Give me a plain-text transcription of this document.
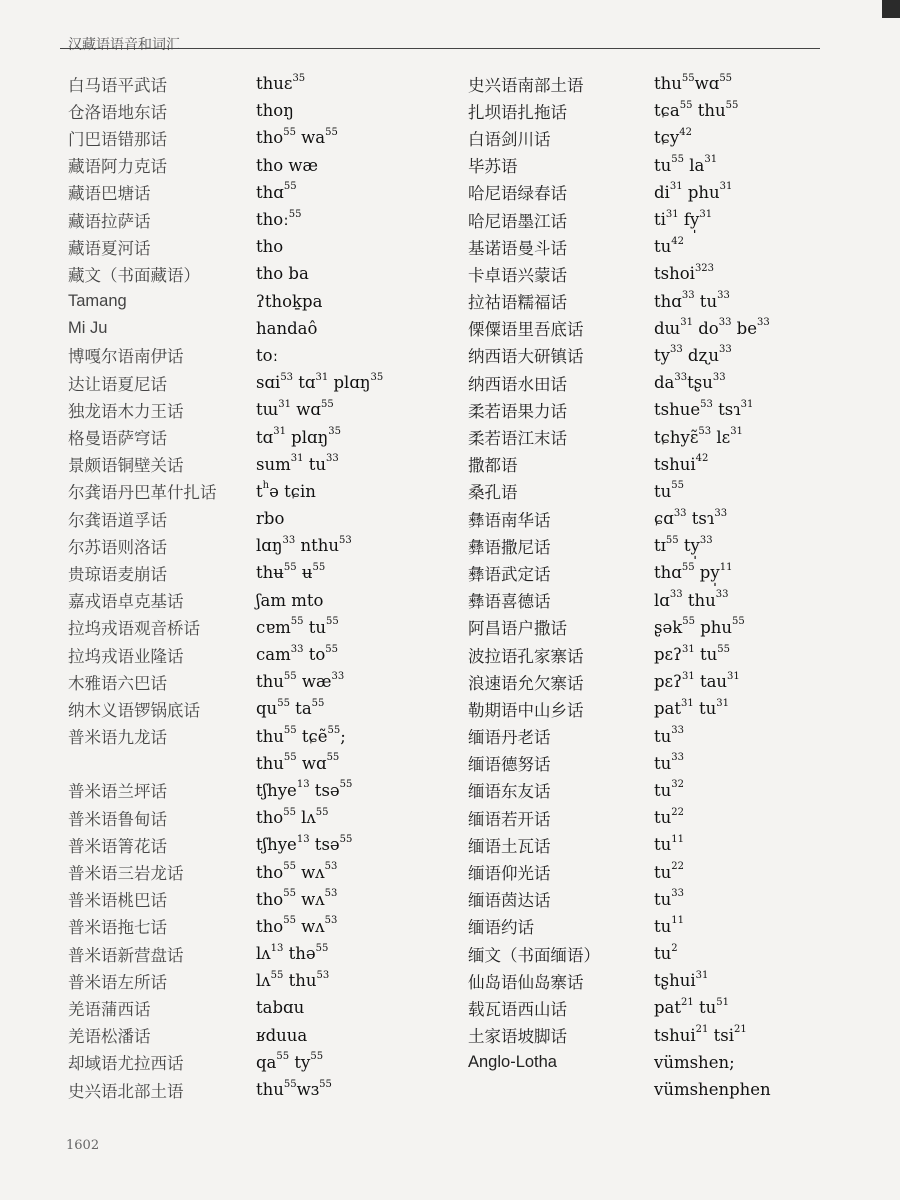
汉藏语语音和词汇
白马语平武话	thuɛ$^{35}$
仓洛语地东话	thoŋ
门巴语错那话	tho$^{55}$ $wa^{55}$
藏语阿力克话	tho wæ
藏语巴塘话	thɑ$^{55}$
藏语拉萨话	thoː$^{55}$
藏语夏河话	tho
藏文（书面藏语）	tho ba
Tamang	ʔthoḵpa
Mi Ju	handaô
博嘎尔语南伊话	toː
达让语夏尼话	sɑi$^{53}$ tɑ$^{31}$ plɑŋ$^{35}$
独龙语木力王话	tɯ$^{31}$ wɑ$^{55}$
格曼语萨穹话	tɑ$^{31}$ plɑŋ$^{35}$
景颇语铜壁关话	sum$^{31}$ $tu^{33}$
尔龚语丹巴革什扎话	$t^hə$ tɕin
尔龚语道孚话	rbo
尔苏语则洛话	lɑŋ$^{33}$ nthu$^{53}$
贵琼语麦崩话	thʉ$^{55}$ ʉ$^{55}$
嘉戎语卓克基话	ʃam mto
拉坞戎语观音桥话	cɐm$^{55}$ $tu^{55}$
拉坞戎语业隆话	cam$^{33}$ $to^{55}$
木雅语六巴话	thu$^{55}$ $wæ^{33}$
纳木义语锣锅底话	$qu^{55}$ $ta^{55}$
普米语九龙话	thu$^{55}$ tɕẽ$^{55}$;
thu$^{55}$ wɑ$^{55}$
普米语兰坪话	tʃhye$^{13}$ tsə$^{55}$
普米语鲁甸话	tho$^{55}$ lʌ$^{55}$
普米语箐花话	tʃhye$^{13}$ tsə$^{55}$
普米语三岩龙话	tho$^{55}$ wʌ$^{53}$
普米语桃巴话	tho$^{55}$ wʌ$^{53}$
普米语拖七话	tho$^{55}$ wʌ$^{53}$
普米语新营盘话	lʌ$^{13}$ thə$^{55}$
普米语左所话	lʌ$^{55}$ thu$^{53}$
羌语蒲西话	tabɑu
羌语松潘话	ʁduua
却域语尤拉西话	$qa^{55}$ $ty^{55}$
史兴语北部土语	thu$^{55}$wɜ$^{55}$
史兴语南部土语	thu$^{55}$wɑ$^{55}$
扎坝语扎拖话	tɕa$^{55}$ thu$^{55}$
白语剑川话	tɕy$^{42}$
毕苏语	$tu^{55}$ $la^{31}$
哈尼语绿春话	$di^{31}$ phu$^{31}$
哈尼语墨江话	$ti^{31}$ fy̩$^{31}$
基诺语曼斗话	$tu^{42}$
卡卓语兴蒙话	tshoi$^{323}$
拉祜语糯福话	thɑ$^{33}$ $tu^{33}$
傈僳语里吾底话	dɯ$^{31}$ $do^{33}$ $be^{33}$
纳西语大研镇话	$ty^{33}$ dʐu$^{33}$
纳西语水田话	$da^{33}tʂu^{33}$
柔若语果力话	tshue$^{53}$ tsɿ$^{31}$
柔若语江末话	tɕhyɛ̃$^{53}$ lɛ$^{31}$
撒都语	tshui$^{42}$
桑孔语	$tu^{55}$
彝语南华话	ɕɑ$^{33}$ tsɿ$^{33}$
彝语撒尼话	tɪ$^{55}$ ty̩$^{33}$
彝语武定话	thɑ$^{55}$ py̩$^{11}$
彝语喜德话	lɑ$^{33}$ thu$^{33}$
阿昌语户撒话	ʂək$^{55}$ phu$^{55}$
波拉语孔家寨话	pɛʔ$^{31}$ $tu^{55}$
浪速语允欠寨话	pɛʔ$^{31}$ tau$^{31}$
勒期语中山乡话	pat$^{31}$ $tu^{31}$
缅语丹老话	$tu^{33}$
缅语德努话	$tu^{33}$
缅语东友话	$tu^{32}$
缅语若开话	$tu^{22}$
缅语土瓦话	$tu^{11}$
缅语仰光话	$tu^{22}$
缅语茵达话	$tu^{33}$
缅语约话	$tu^{11}$
缅文（书面缅语）	$tu^2$
仙岛语仙岛寨话	tʂhui$^{31}$
载瓦语西山话	pat$^{21}$ $tu^{51}$
土家语坡脚话	tshui$^{21}$ tsi$^{21}$
Anglo-Lotha	vümshen;
vümshenphen
1602
